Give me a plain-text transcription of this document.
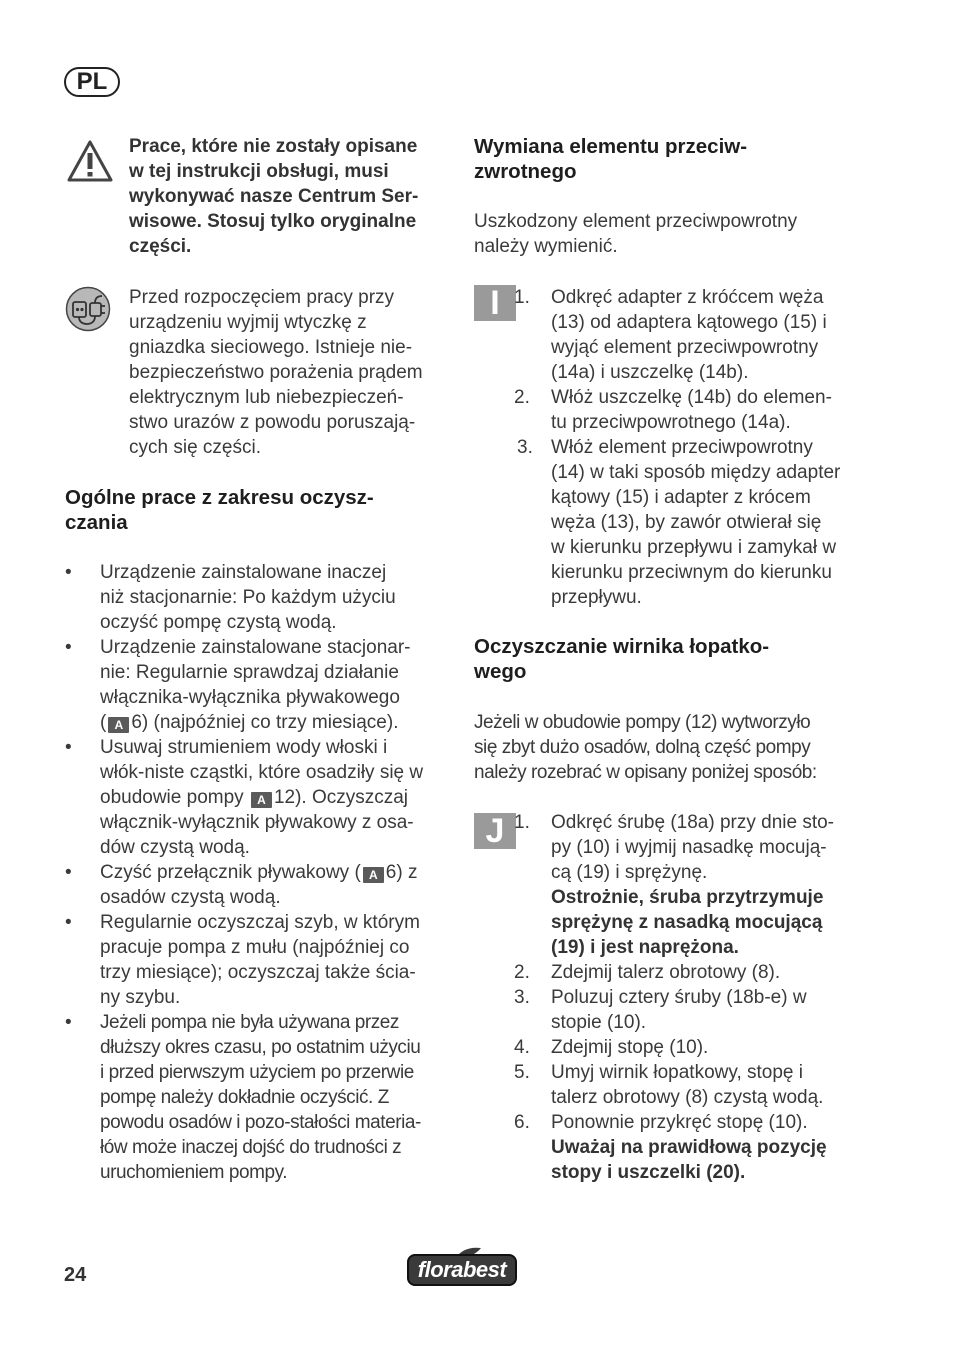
PL
Prace, które nie zostały opisane
w tej instrukcji obsługi, musi
wykonywać nasze Centrum Ser-
wisowe. Stosuj tylko oryginalne
części.
Przed rozpoczęciem pracy przy
urządzeniu wyjmij wtyczkę z
gniazdka sieciowego. Istnieje nie-
bezpieczeństwo porażenia prądem
elektrycznym lub niebezpieczeń-
stwo urazów z powodu poruszają-
cych się części.
Ogólne prace z zakresu oczysz-
czania
•	Urządzenie zainstalowane inaczej
niż stacjonarnie: Po każdym użyciu
oczyść pompę czystą wodą.
•	Urządzenie zainstalowane stacjonar-
nie: Regularnie sprawdzaj działanie
włącznika-wyłącznika pływakowego
( A 6) (najpóźniej co trzy miesiące).
•	Usuwaj strumieniem wody włoski i
włók-niste cząstki, które osadziły się w
obudowie pompy A 12). Oczyszczaj
włącznik-wyłącznik pływakowy z osa-
dów czystą wodą.
•	Czyść przełącznik pływakowy ( A 6) z
osadów czystą wodą.
•	Regularnie oczyszczaj szyb, w którym
pracuje pompa z mułu (najpóźniej co
trzy miesiące); oczyszczaj także ścia-
ny szybu.
•	Jeżeli pompa nie była używana przez
dłuższy okres czasu, po ostatnim użyciu
i przed pierwszym użyciem po przerwie
pompę należy dokładnie oczyścić. Z
powodu osadów i pozo-stałości materia-
łów może inaczej dojść do trudności z
uruchomieniem pompy.
Wymiana elementu przeciw-
zwrotnego
Uszkodzony element przeciwpowrotny
należy wymienić.
I 1. Odkręć adapter z króćcem węża
(13) od adaptera kątowego (15) i
wyjąć element przeciwpowrotny
(14a) i uszczelkę (14b).
2. Włóż uszczelkę (14b) do elemen-
tu przeciwpowrotnego (14a).
3. Włóż element przeciwpowrotny
(14) w taki sposób między adapter
kątowy (15) i adapter z krócem
węża (13), by zawór otwierał się
w kierunku przepływu i zamykał w
kierunku przeciwnym do kierunku
przepływu.
Oczyszczanie wirnika łopatko-
wego
Jeżeli w obudowie pompy (12) wytworzyło
się zbyt dużo osadów, dolną część pompy
należy rozebrać w opisany poniżej sposób:
J 1. Odkręć śrubę (18a) przy dnie sto-
py (10) i wyjmij nasadkę mocują-
cą (19) i sprężynę.
Ostrożnie, śruba przytrzymuje
sprężynę z nasadką mocującą
(19) i jest naprężona.
2. Zdejmij talerz obrotowy (8).
3. Poluzuj cztery śruby (18b-e) w
stopie (10).
4. Zdejmij stopę (10).
5. Umyj wirnik łopatkowy, stopę i
talerz obrotowy (8) czystą wodą.
6. Ponownie przykręć stopę (10).
Uważaj na prawidłową pozycję
stopy i uszczelki (20).
24	florabest
